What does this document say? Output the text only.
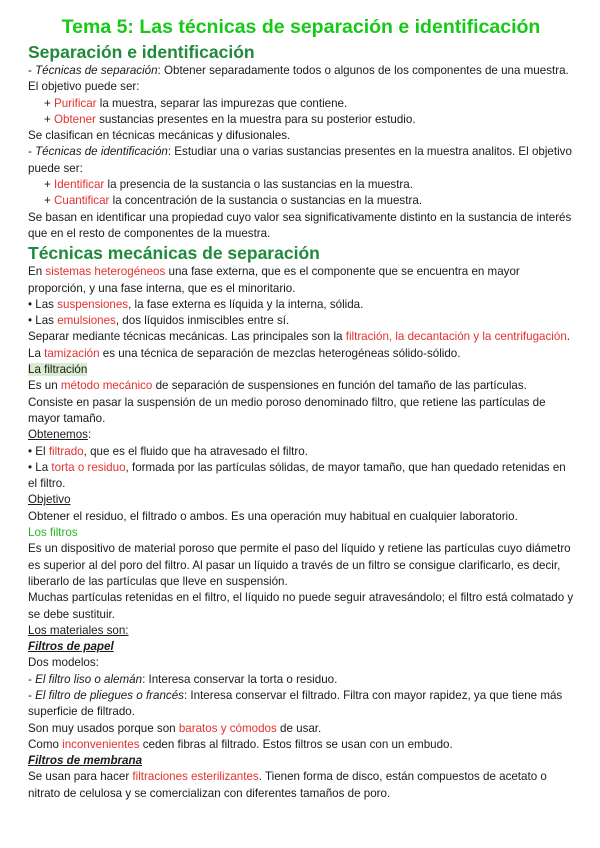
Tema 5: Las técnicas de separación e identificación
Separación e identificación
- Técnicas de separación: Obtener separadamente todos o algunos de los componentes de una muestra. El objetivo puede ser:
+ Purificar la muestra, separar las impurezas que contiene.
+ Obtener sustancias presentes en la muestra para su posterior estudio.
Se clasifican en técnicas mecánicas y difusionales.
- Técnicas de identificación: Estudiar una o varias sustancias presentes en la muestra analitos. El objetivo puede ser:
+ Identificar la presencia de la sustancia o las sustancias en la muestra.
+ Cuantificar la concentración de la sustancia o sustancias en la muestra.
Se basan en identificar una propiedad cuyo valor sea significativamente distinto en la sustancia de interés que en el resto de componentes de la muestra.
Técnicas mecánicas de separación
En sistemas heterogéneos una fase externa, que es el componente que se encuentra en mayor proporción, y una fase interna, que es el minoritario.
• Las suspensiones, la fase externa es líquida y la interna, sólida.
• Las emulsiones, dos líquidos inmiscibles entre sí.
Separar mediante técnicas mecánicas. Las principales son la filtración, la decantación y la centrifugación.
La tamización es una técnica de separación de mezclas heterogéneas sólido-sólido.
La filtración
Es un método mecánico de separación de suspensiones en función del tamaño de las partículas.
Consiste en pasar la suspensión de un medio poroso denominado filtro, que retiene las partículas de mayor tamaño.
Obtenemos:
• El filtrado, que es el fluido que ha atravesado el filtro.
• La torta o residuo, formada por las partículas sólidas, de mayor tamaño, que han quedado retenidas en el filtro.
Objetivo
Obtener el residuo, el filtrado o ambos. Es una operación muy habitual en cualquier laboratorio.
Los filtros
Es un dispositivo de material poroso que permite el paso del líquido y retiene las partículas cuyo diámetro es superior al del poro del filtro. Al pasar un líquido a través de un filtro se consigue clarificarlo, es decir, liberarlo de las partículas que lleve en suspensión.
Muchas partículas retenidas en el filtro, el líquido no puede seguir atravesándolo; el filtro está colmatado y se debe sustituir.
Los materiales son:
Filtros de papel
Dos modelos:
- El filtro liso o alemán: Interesa conservar la torta o residuo.
- El filtro de pliegues o francés: Interesa conservar el filtrado. Filtra con mayor rapidez, ya que tiene más superficie de filtrado.
Son muy usados porque son baratos y cómodos de usar.
Como inconvenientes ceden fibras al filtrado. Estos filtros se usan con un embudo.
Filtros de membrana
Se usan para hacer filtraciones esterilizantes. Tienen forma de disco, están compuestos de acetato o nitrato de celulosa y se comercializan con diferentes tamaños de poro.
